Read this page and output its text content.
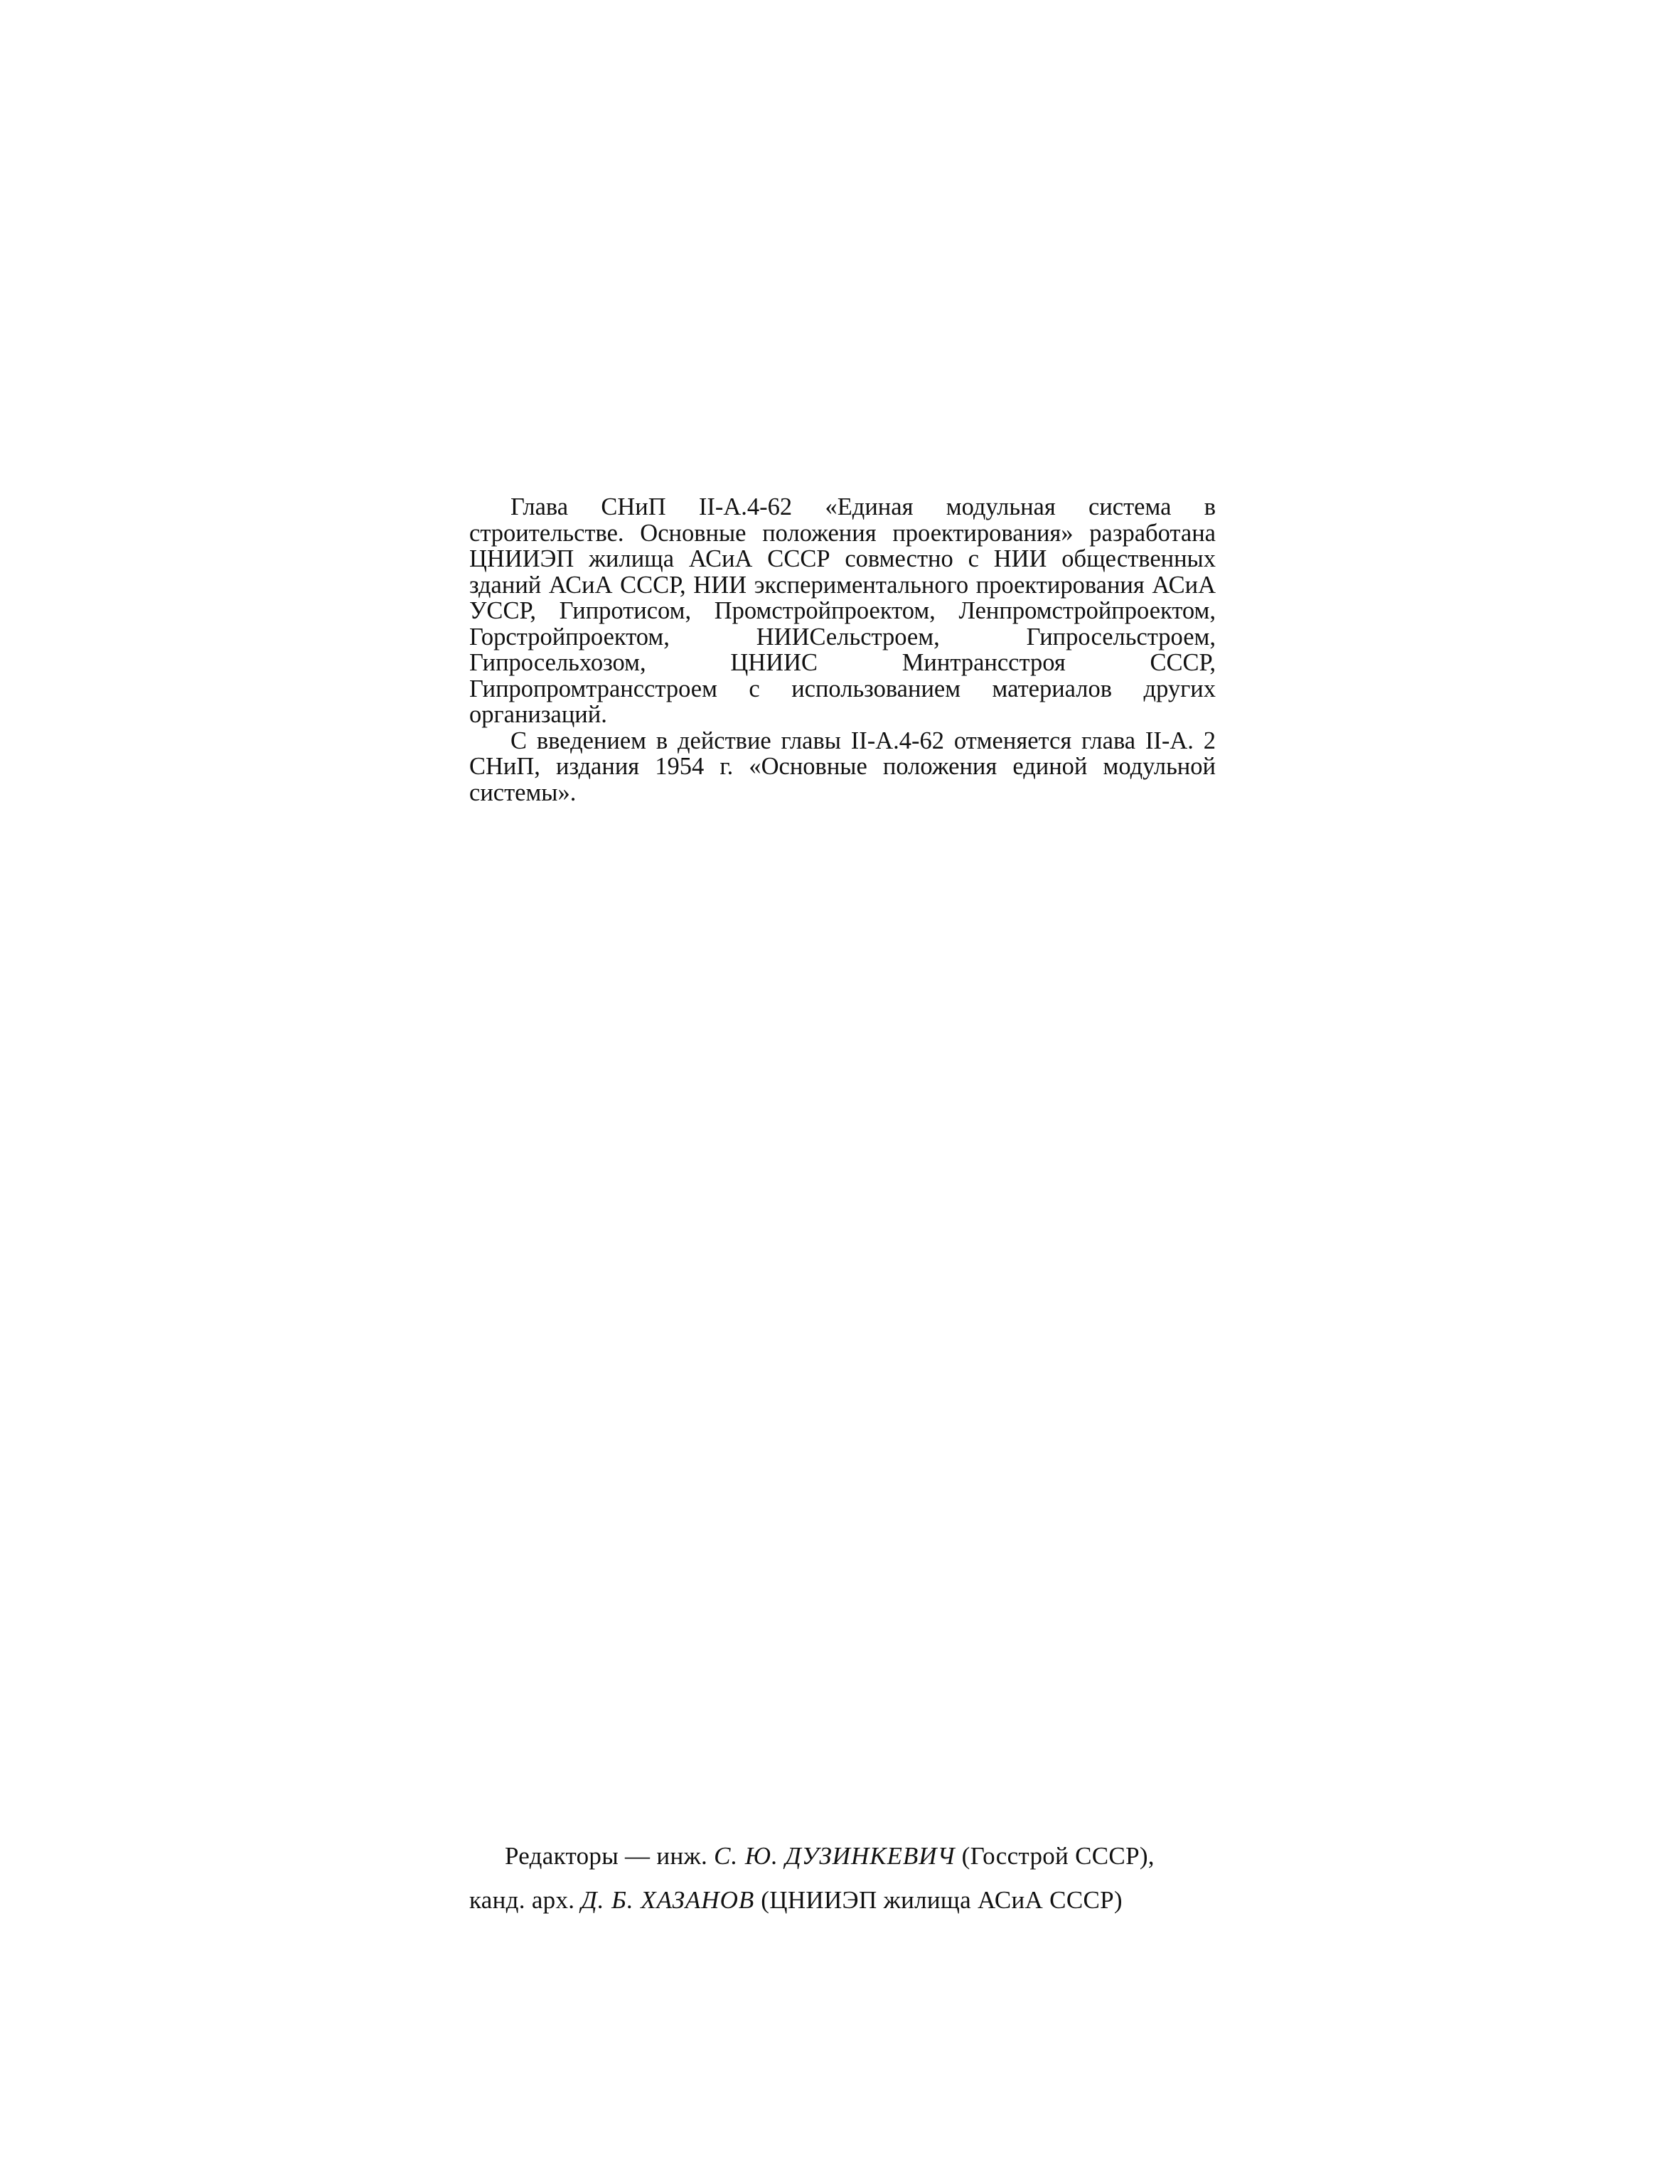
Глава СНиП II-А.4-62 «Единая модульная система в строительстве. Основные положения проектирования» разработана ЦНИИЭП жилища АСиА СССР совместно с НИИ общественных зданий АСиА СССР, НИИ экспериментального проектирования АСиА УССР, Гипротисом, Промстройпроектом, Ленпромстройпроектом, Горстройпроектом, НИИСельстроем, Гипросельстроем, Гипросельхозом, ЦНИИС Минтрансстроя СССР, Гипропромтрансстроем с использованием материалов других организаций.

С введением в действие главы II-А.4-62 отменяется глава II-А. 2 СНиП, издания 1954 г. «Основные положения единой модульной системы».

Редакторы — инж. С. Ю. ДУЗИНКЕВИЧ (Госстрой СССР),
канд. арх. Д. Б. ХАЗАНОВ (ЦНИИЭП жилища АСиА СССР)
